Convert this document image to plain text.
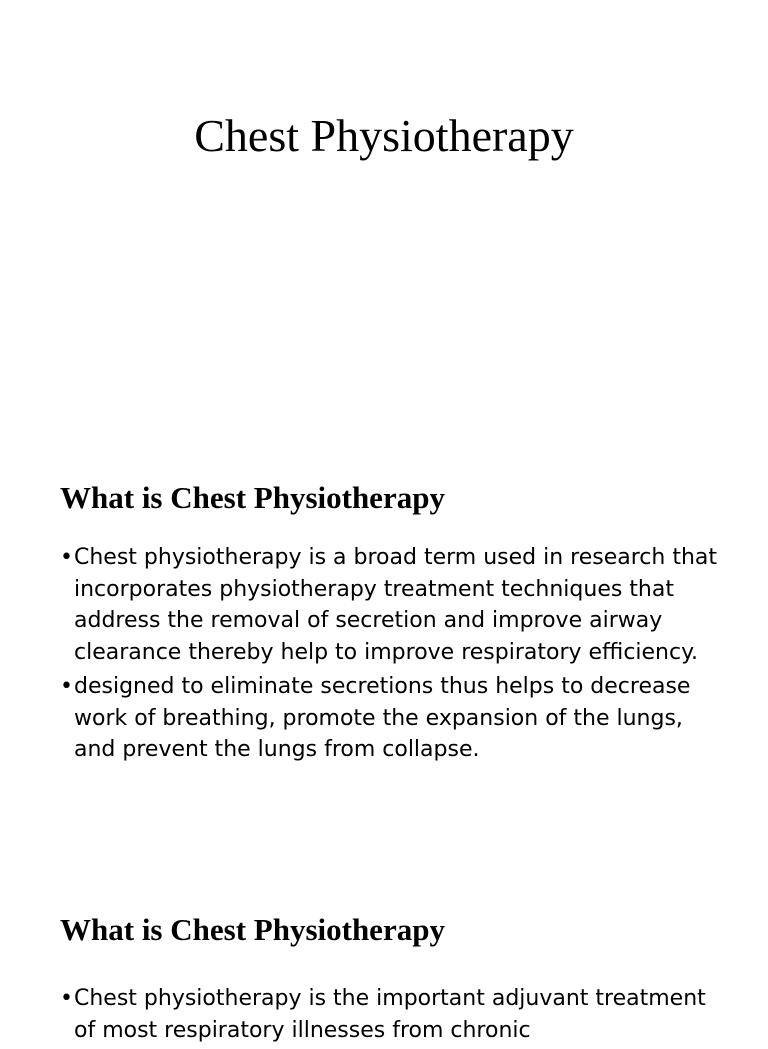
Chest Physiotherapy
What is Chest Physiotherapy
• Chest physiotherapy is a broad term used in research that incorporates physiotherapy treatment techniques that address the removal of secretion and improve airway clearance thereby help to improve respiratory efficiency.
• designed to eliminate secretions thus helps to decrease work of breathing, promote the expansion of the lungs, and prevent the lungs from collapse.
What is Chest Physiotherapy
• Chest physiotherapy is the important adjuvant treatment of most respiratory illnesses from chronic
